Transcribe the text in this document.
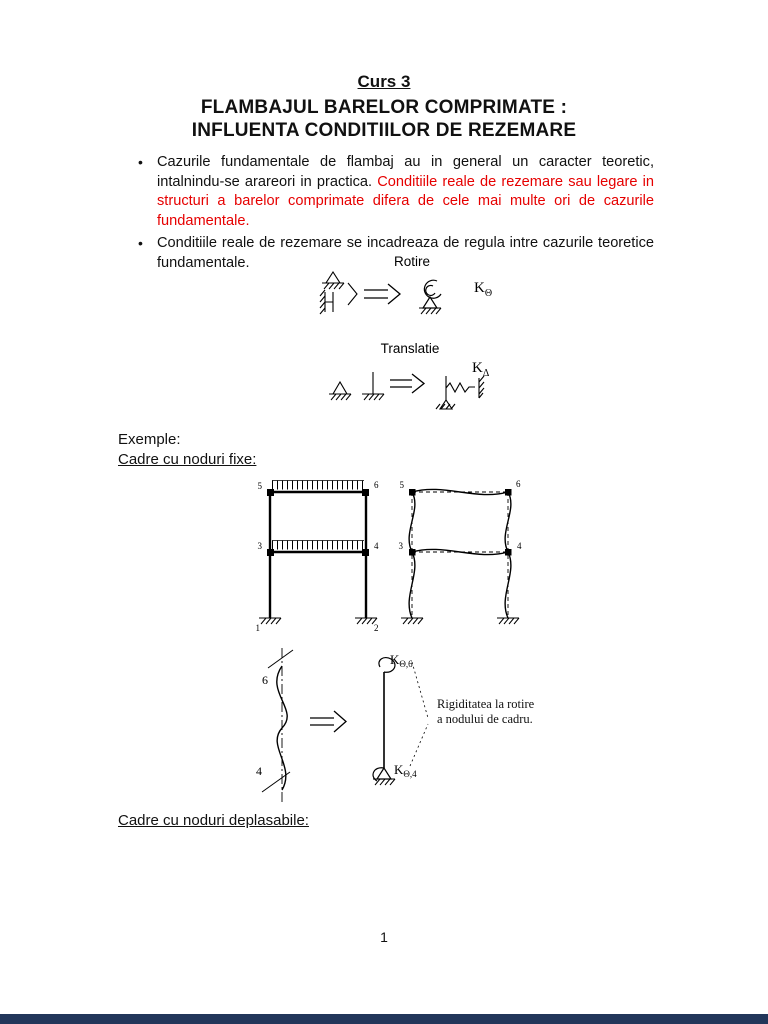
Curs 3
FLAMBAJUL BARELOR COMPRIMATE :
INFLUENTA CONDITIILOR DE REZEMARE
• Cazurile fundamentale de flambaj au in general un caracter teoretic, intalnindu-se arareori in practica. Conditiile reale de rezemare sau legare in structuri a barelor comprimate difera de cele mai multe ori de cazurile fundamentale.

• Conditiile reale de rezemare se incadreaza de regula intre cazurile teoretice fundamentale.	Rotire
$K_\Theta$
Translatie
$K_\Delta$
Exemple:
Cadre cu noduri fixe:
5	6
3	4
1	2
5	6
3	4
6
4
$K_{\Theta,6}$
$K_{\Theta,4}$
Rigiditatea la rotire
a nodului de cadru.
Cadre cu noduri deplasabile:
1
